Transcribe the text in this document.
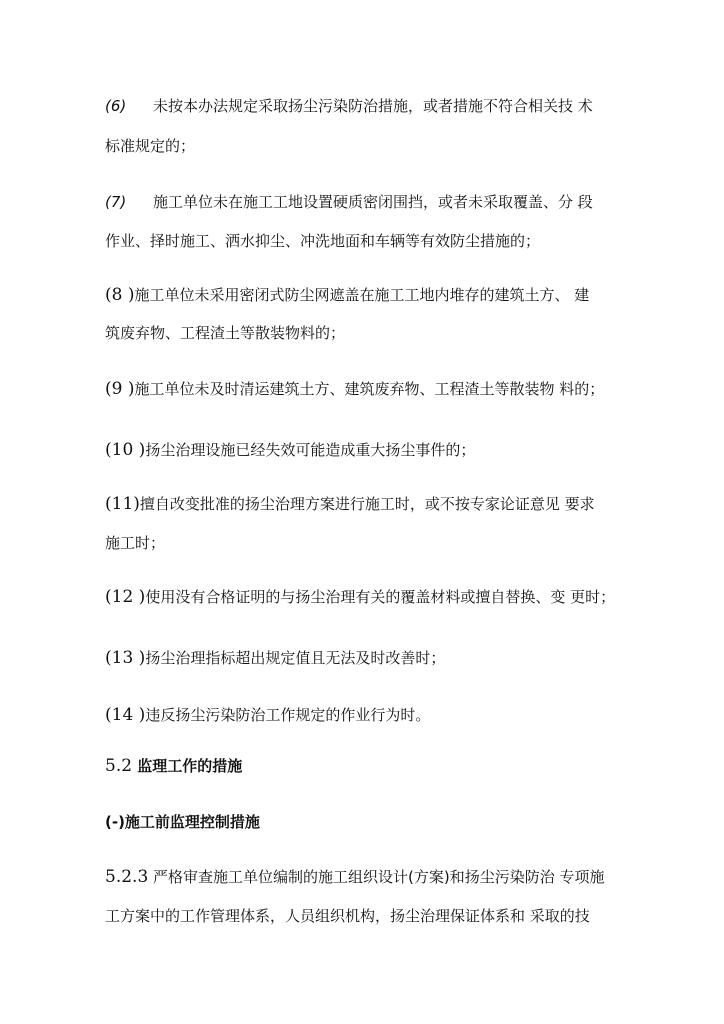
(6) 未按本办法规定采取扬尘污染防治措施，或者措施不符合相关技 术
标准规定的；
(7) 施工单位未在施工工地设置硬质密闭围挡，或者未采取覆盖、分 段
作业、择时施工、洒水抑尘、冲洗地面和车辆等有效防尘措施的；
(8 )施工单位未采用密闭式防尘网遮盖在施工工地内堆存的建筑土方、 建
筑废弃物、工程渣土等散装物料的；
(9 )施工单位未及时清运建筑土方、建筑废弃物、工程渣土等散装物 料的；
(10 )扬尘治理设施已经失效可能造成重大扬尘事件的；
(11)擅自改变批准的扬尘治理方案进行施工时，或不按专家论证意见 要求
施工时；
(12 )使用没有合格证明的与扬尘治理有关的覆盖材料或擅自替换、变 更时；
(13 )扬尘治理指标超出规定值且无法及时改善时；
(14 )违反扬尘污染防治工作规定的作业行为时。
5.2 监理工作的措施
(-)施工前监理控制措施
5.2.3 严格审查施工单位编制的施工组织设计(方案)和扬尘污染防治 专项施
工方案中的工作管理体系，人员组织机构，扬尘治理保证体系和 采取的技
